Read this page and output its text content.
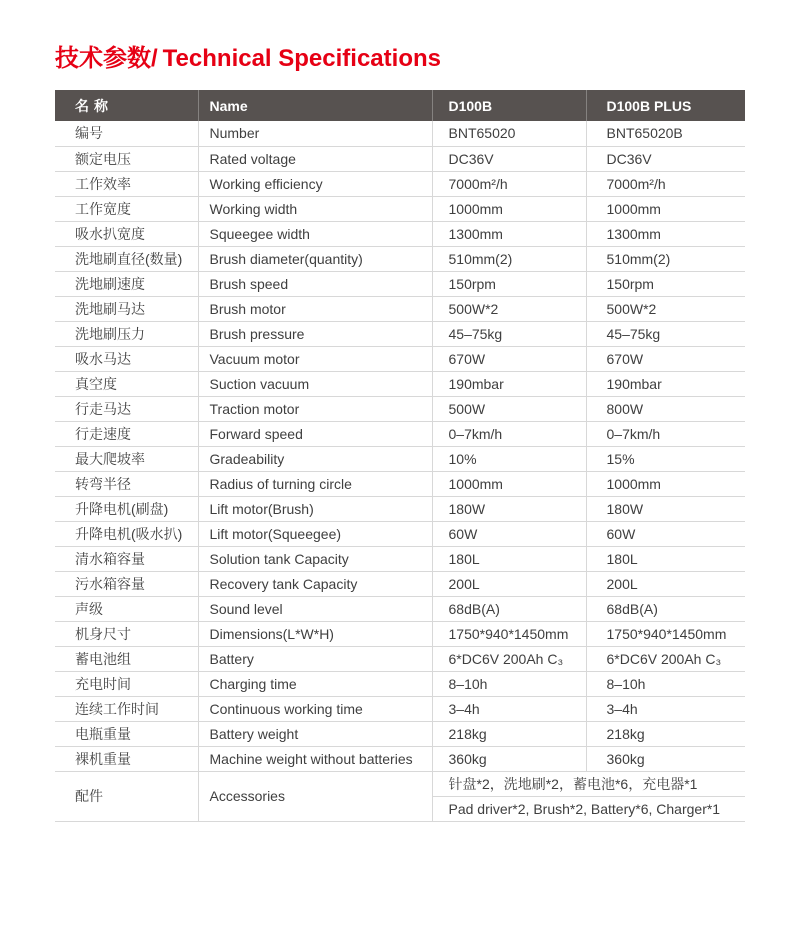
技术参数/ Technical Specifications
名称	Name	D100B	D100B PLUS
编号	Number	BNT65020	BNT65020B
额定电压	Rated voltage	DC36V	DC36V
工作效率	Working efficiency	7000m²/h	7000m²/h
工作宽度	Working width	1000mm	1000mm
吸水扒宽度	Squeegee width	1300mm	1300mm
洗地刷直径(数量)	Brush diameter(quantity)	510mm(2)	510mm(2)
洗地刷速度	Brush speed	150rpm	150rpm
洗地刷马达	Brush motor	500W*2	500W*2
洗地刷压力	Brush pressure	45–75kg	45–75kg
吸水马达	Vacuum motor	670W	670W
真空度	Suction vacuum	190mbar	190mbar
行走马达	Traction motor	500W	800W
行走速度	Forward speed	0–7km/h	0–7km/h
最大爬坡率	Gradeability	10%	15%
转弯半径	Radius of turning circle	1000mm	1000mm
升降电机(刷盘)	Lift motor(Brush)	180W	180W
升降电机(吸水扒)	Lift motor(Squeegee)	60W	60W
清水箱容量	Solution tank Capacity	180L	180L
污水箱容量	Recovery tank Capacity	200L	200L
声级	Sound level	68dB(A)	68dB(A)
机身尺寸	Dimensions(L*W*H)	1750*940*1450mm	1750*940*1450mm
蓄电池组	Battery	6*DC6V 200Ah C₃	6*DC6V 200Ah C₃
充电时间	Charging time	8–10h	8–10h
连续工作时间	Continuous working time	3–4h	3–4h
电瓶重量	Battery weight	218kg	218kg
裸机重量	Machine weight without batteries	360kg	360kg
配件	Accessories	针盘*2，洗地刷*2，蓄电池*6，充电器*1	
		Pad driver*2, Brush*2, Battery*6, Charger*1	
